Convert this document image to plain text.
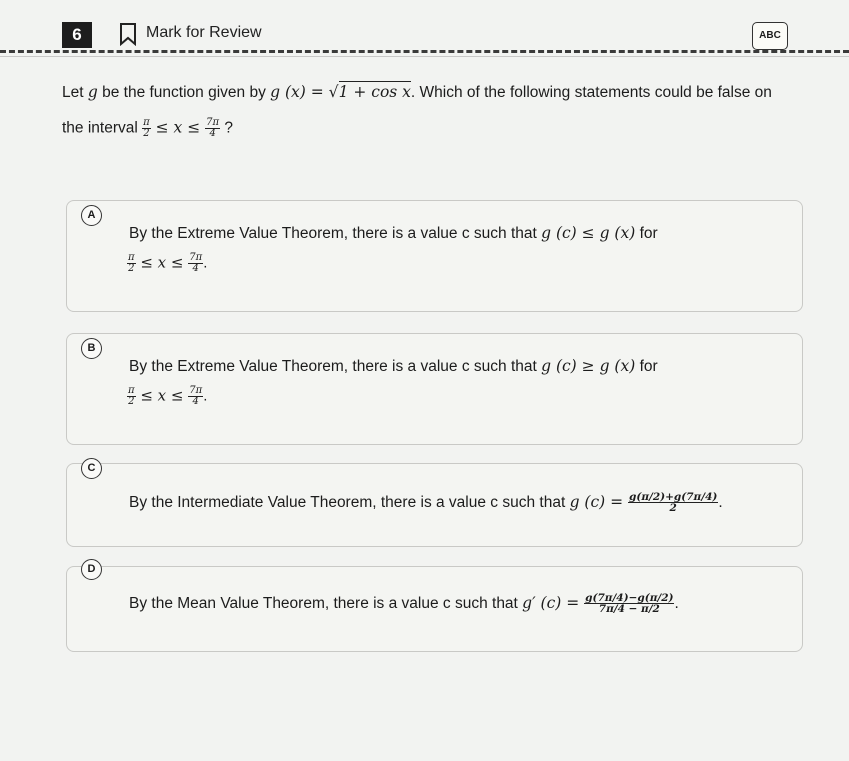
6	Mark for Review	ABC
Let g be the function given by g (x) = √1 + cos x. Which of the following statements could be false on
the interval $\frac{\pi}{2} \le x \le \frac{7\pi}{4}$ ?
A
By the Extreme Value Theorem, there is a value c such that g (c) ≤ g (x) for
$\frac{\pi}{2} \le x \le \frac{7\pi}{4}$ .
B
By the Extreme Value Theorem, there is a value c such that g (c) ≥ g (x) for
$\frac{\pi}{2} \le x \le \frac{7\pi}{4}$ .
C
By the Intermediate Value Theorem, there is a value c such that g $(c) = \frac{g(\pi/2)+g(7\pi/4)}{2}$ .
D
By the Mean Value Theorem, there is a value c such that g′ $(c) = \frac{g(7\pi/4)-g(\pi/2)}{7\pi/4 - \pi/2}$ .
